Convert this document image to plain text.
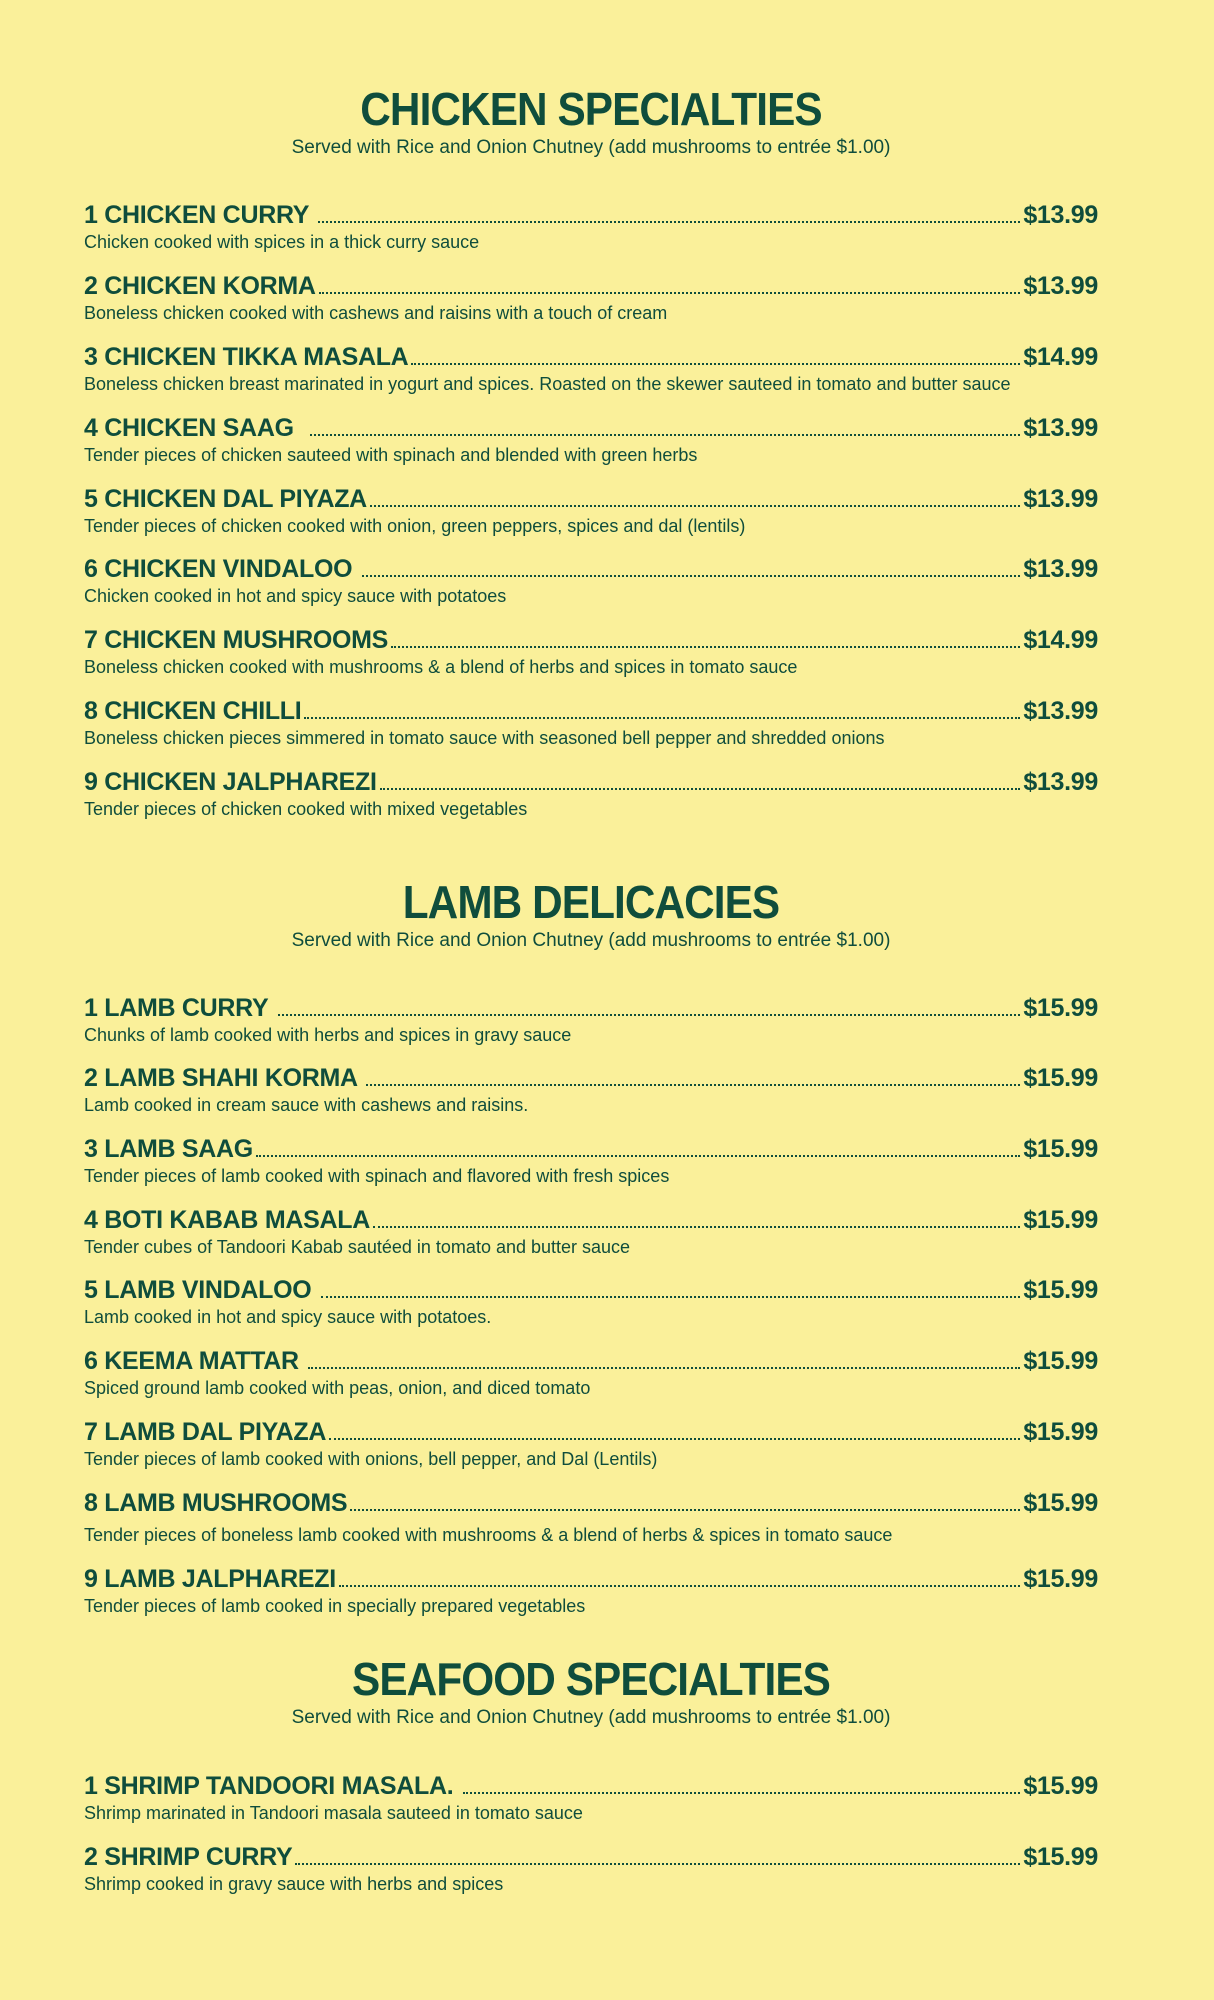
CHICKEN SPECIALTIES

Served with Rice and Onion Chutney (add mushrooms to entrée $1.00)

1 CHICKEN CURRY	$13.99
Chicken cooked with spices in a thick curry sauce
2 CHICKEN KORMA	$13.99
Boneless chicken cooked with cashews and raisins with a touch of cream
3 CHICKEN TIKKA MASALA	$14.99
Boneless chicken breast marinated in yogurt and spices. Roasted on the skewer sauteed in tomato and butter sauce
4 CHICKEN SAAG	$13.99
Tender pieces of chicken sauteed with spinach and blended with green herbs
5 CHICKEN DAL PIYAZA	$13.99
Tender pieces of chicken cooked with onion, green peppers, spices and dal (lentils)
6 CHICKEN VINDALOO	$13.99
Chicken cooked in hot and spicy sauce with potatoes
7 CHICKEN MUSHROOMS	$14.99
Boneless chicken cooked with mushrooms & a blend of herbs and spices in tomato sauce
8 CHICKEN CHILLI	$13.99
Boneless chicken pieces simmered in tomato sauce with seasoned bell pepper and shredded onions
9 CHICKEN JALPHAREZI	$13.99
Tender pieces of chicken cooked with mixed vegetables
LAMB DELICACIES

Served with Rice and Onion Chutney (add mushrooms to entrée $1.00)

1 LAMB CURRY	$15.99
Chunks of lamb cooked with herbs and spices in gravy sauce
2 LAMB SHAHI KORMA	$15.99
Lamb cooked in cream sauce with cashews and raisins.
3 LAMB SAAG	$15.99
Tender pieces of lamb cooked with spinach and flavored with fresh spices
4 BOTI KABAB MASALA	$15.99
Tender cubes of Tandoori Kabab sautéed in tomato and butter sauce
5 LAMB VINDALOO	$15.99
Lamb cooked in hot and spicy sauce with potatoes.
6 KEEMA MATTAR	$15.99
Spiced ground lamb cooked with peas, onion, and diced tomato
7 LAMB DAL PIYAZA	$15.99
Tender pieces of lamb cooked with onions, bell pepper, and Dal (Lentils)
8 LAMB MUSHROOMS	$15.99
Tender pieces of boneless lamb cooked with mushrooms & a blend of herbs & spices in tomato sauce
9 LAMB JALPHAREZI	$15.99
Tender pieces of lamb cooked in specially prepared vegetables
SEAFOOD SPECIALTIES

Served with Rice and Onion Chutney (add mushrooms to entrée $1.00)

1 SHRIMP TANDOORI MASALA.	$15.99
Shrimp marinated in Tandoori masala sauteed in tomato sauce
2 SHRIMP CURRY	$15.99
Shrimp cooked in gravy sauce with herbs and spices
